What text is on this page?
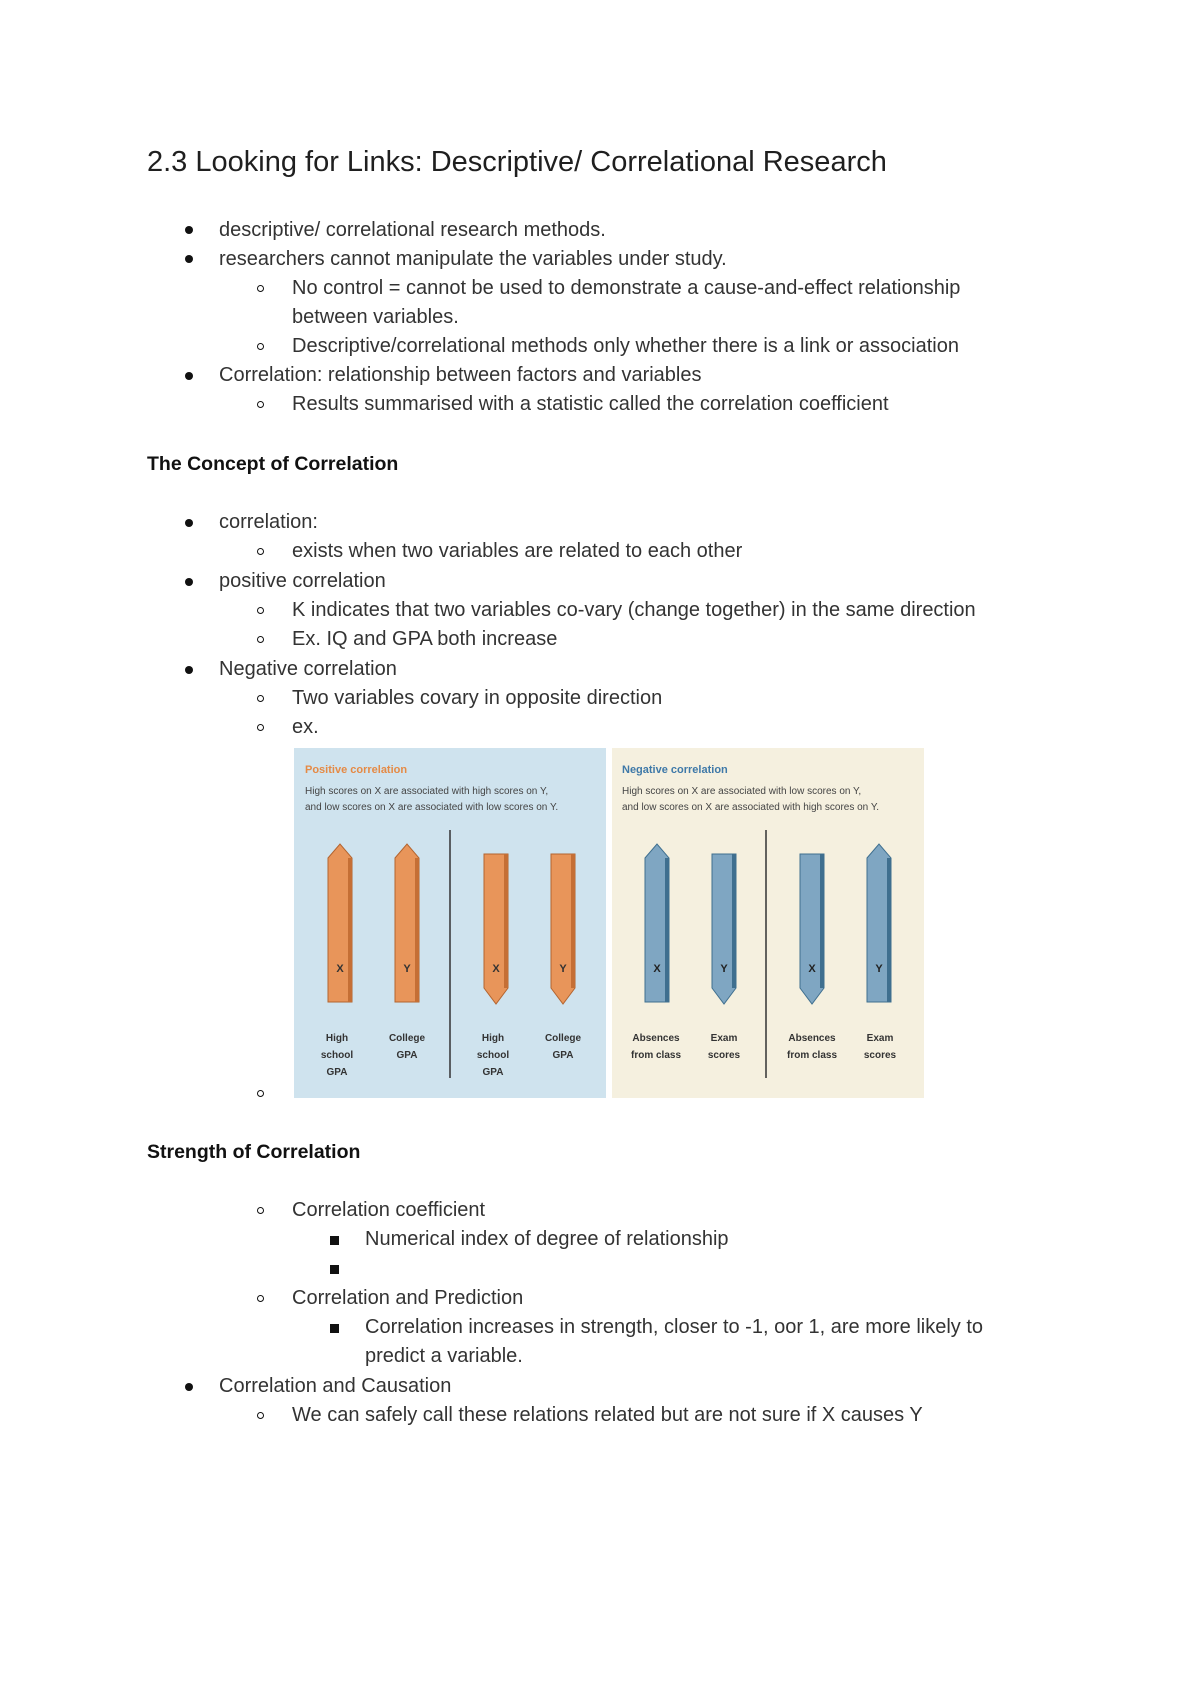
2.3 Looking for Links: Descriptive/ Correlational Research
descriptive/ correlational research methods.
researchers cannot manipulate the variables under study.
No control = cannot be used to demonstrate a cause-and-effect relationship
between variables.
Descriptive/correlational methods only whether there is a link or association
Correlation: relationship between factors and variables
Results summarised with a statistic called the correlation coefficient
The Concept of Correlation
correlation:
exists when two variables are related to each other
positive correlation
K indicates that two variables co-vary (change together) in the same direction
Ex. IQ and GPA both increase
Negative correlation
Two variables covary in opposite direction
ex.
Positive correlation
High scores on X are associated with high scores on Y,
and low scores on X are associated with low scores on Y.
X	Y	X	Y
High
school
GPA
College
GPA
High
school
GPA
College
GPA
Negative correlation
High scores on X are associated with low scores on Y,
and low scores on X are associated with high scores on Y.
X	Y	X	Y
Absences
from class
Exam
scores
Absences
from class
Exam
scores
Strength of Correlation
Correlation coefficient
Numerical index of degree of relationship
Correlation and Prediction
Correlation increases in strength, closer to -1, oor 1, are more likely to
predict a variable.
Correlation and Causation
We can safely call these relations related but are not sure if X causes Y
